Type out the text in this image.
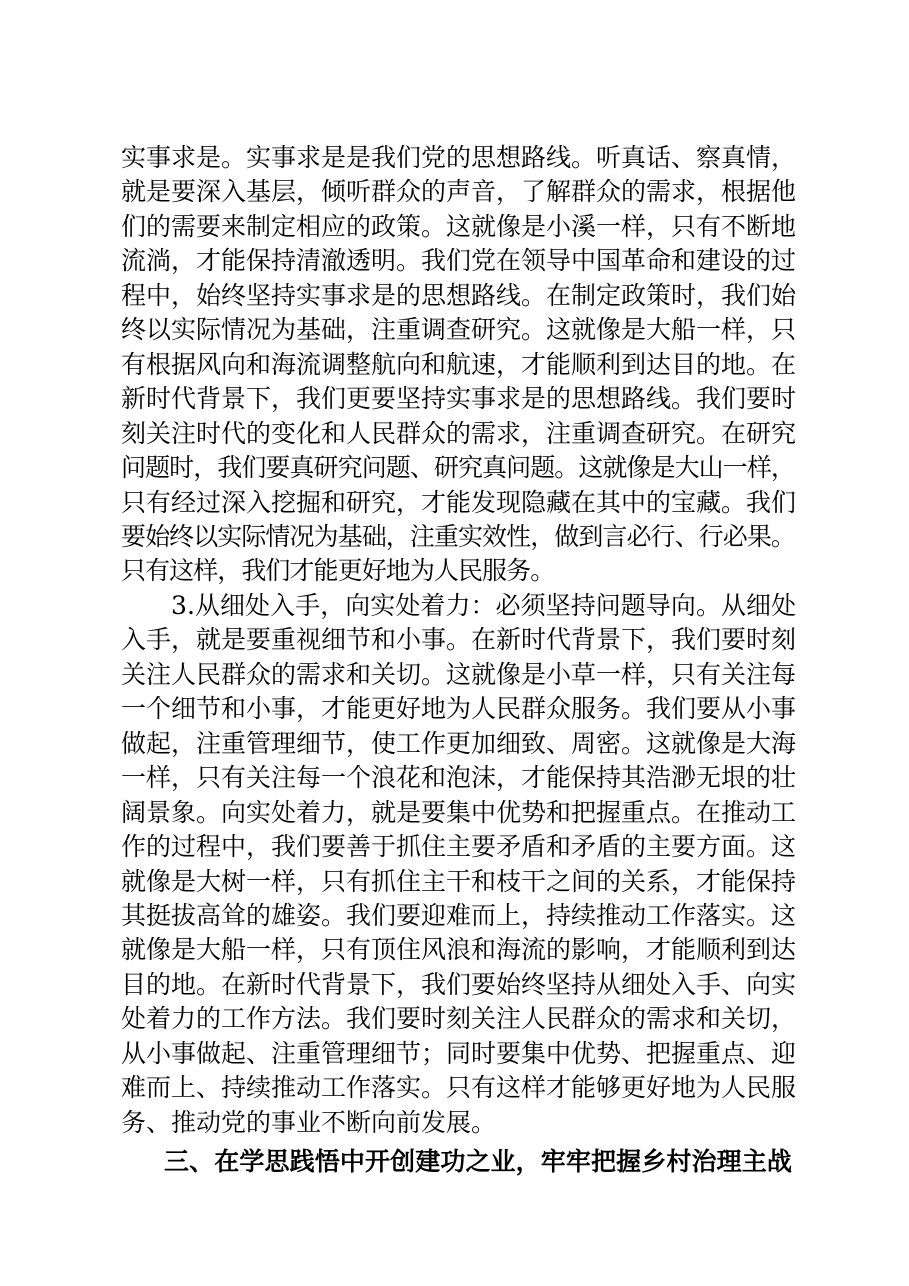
实事求是。实事求是是我们党的思想路线。听真话、察真情，
就是要深入基层，倾听群众的声音，了解群众的需求，根据他
们的需要来制定相应的政策。这就像是小溪一样，只有不断地
流淌，才能保持清澈透明。我们党在领导中国革命和建设的过
程中，始终坚持实事求是的思想路线。在制定政策时，我们始
终以实际情况为基础，注重调查研究。这就像是大船一样，只
有根据风向和海流调整航向和航速，才能顺利到达目的地。在
新时代背景下，我们更要坚持实事求是的思想路线。我们要时
刻关注时代的变化和人民群众的需求，注重调查研究。在研究
问题时，我们要真研究问题、研究真问题。这就像是大山一样，
只有经过深入挖掘和研究，才能发现隐藏在其中的宝藏。我们
要始终以实际情况为基础，注重实效性，做到言必行、行必果。
只有这样，我们才能更好地为人民服务。
3.从细处入手，向实处着力：必须坚持问题导向。从细处
入手，就是要重视细节和小事。在新时代背景下，我们要时刻
关注人民群众的需求和关切。这就像是小草一样，只有关注每
一个细节和小事，才能更好地为人民群众服务。我们要从小事
做起，注重管理细节，使工作更加细致、周密。这就像是大海
一样，只有关注每一个浪花和泡沫，才能保持其浩渺无垠的壮
阔景象。向实处着力，就是要集中优势和把握重点。在推动工
作的过程中，我们要善于抓住主要矛盾和矛盾的主要方面。这
就像是大树一样，只有抓住主干和枝干之间的关系，才能保持
其挺拔高耸的雄姿。我们要迎难而上，持续推动工作落实。这
就像是大船一样，只有顶住风浪和海流的影响，才能顺利到达
目的地。在新时代背景下，我们要始终坚持从细处入手、向实
处着力的工作方法。我们要时刻关注人民群众的需求和关切，
从小事做起、注重管理细节；同时要集中优势、把握重点、迎
难而上、持续推动工作落实。只有这样才能够更好地为人民服
务、推动党的事业不断向前发展。
三、在学思践悟中开创建功之业，牢牢把握乡村治理主战
